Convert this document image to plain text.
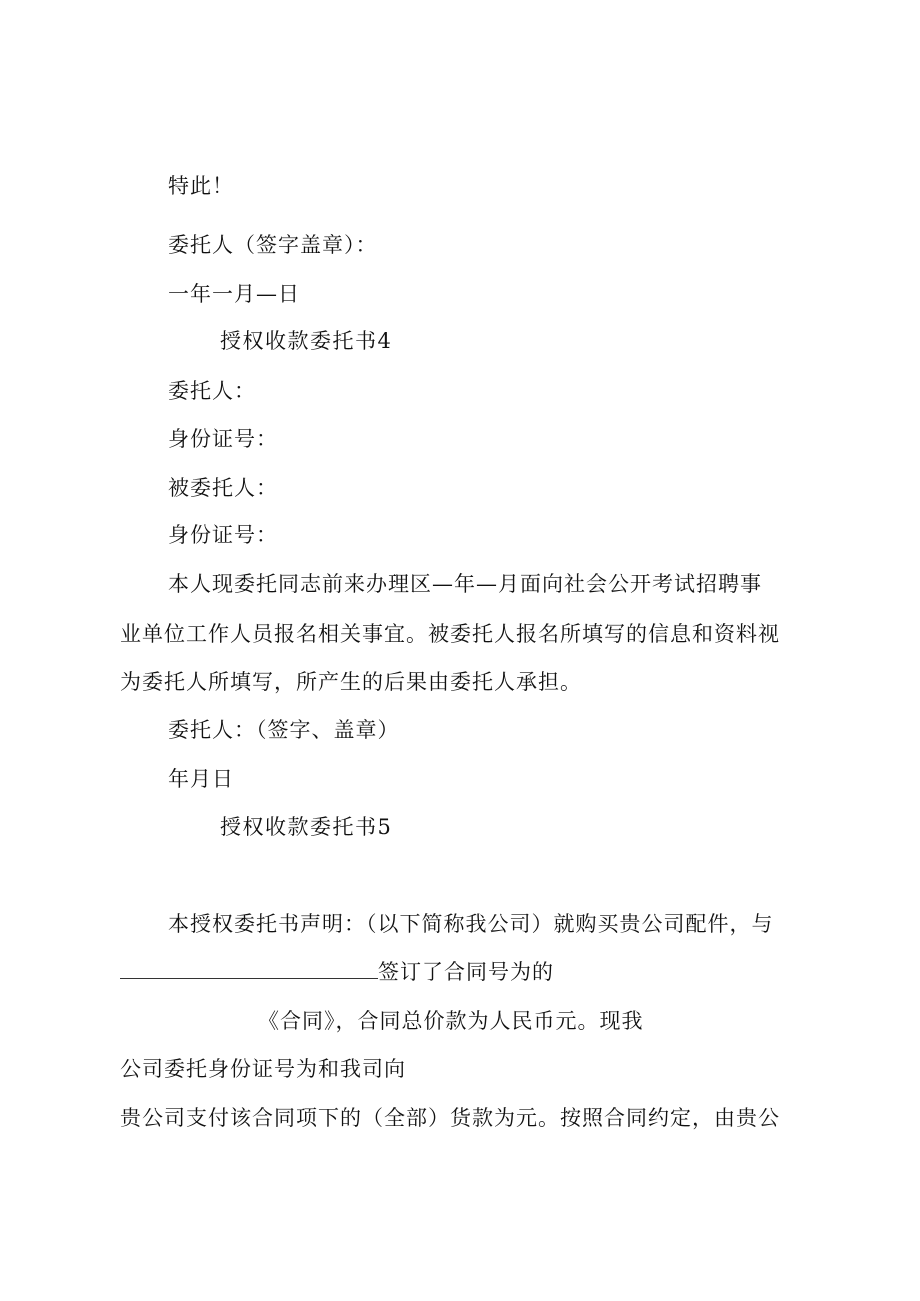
特此！
委托人（签字盖章）：
一年一月—日
授权收款委托书4
委托人：
身份证号：
被委托人：
身份证号：
本人现委托同志前来办理区—年—月面向社会公开考试招聘事
业单位工作人员报名相关事宜。被委托人报名所填写的信息和资料视
为委托人所填写，所产生的后果由委托人承担。
委托人：（签字、盖章）
年月日
授权收款委托书5
本授权委托书声明：（以下简称我公司）就购买贵公司配件，与
签订了合同号为的
《合同》，合同总价款为人民币元。现我
公司委托身份证号为和我司向
贵公司支付该合同项下的（全部）货款为元。按照合同约定，由贵公
